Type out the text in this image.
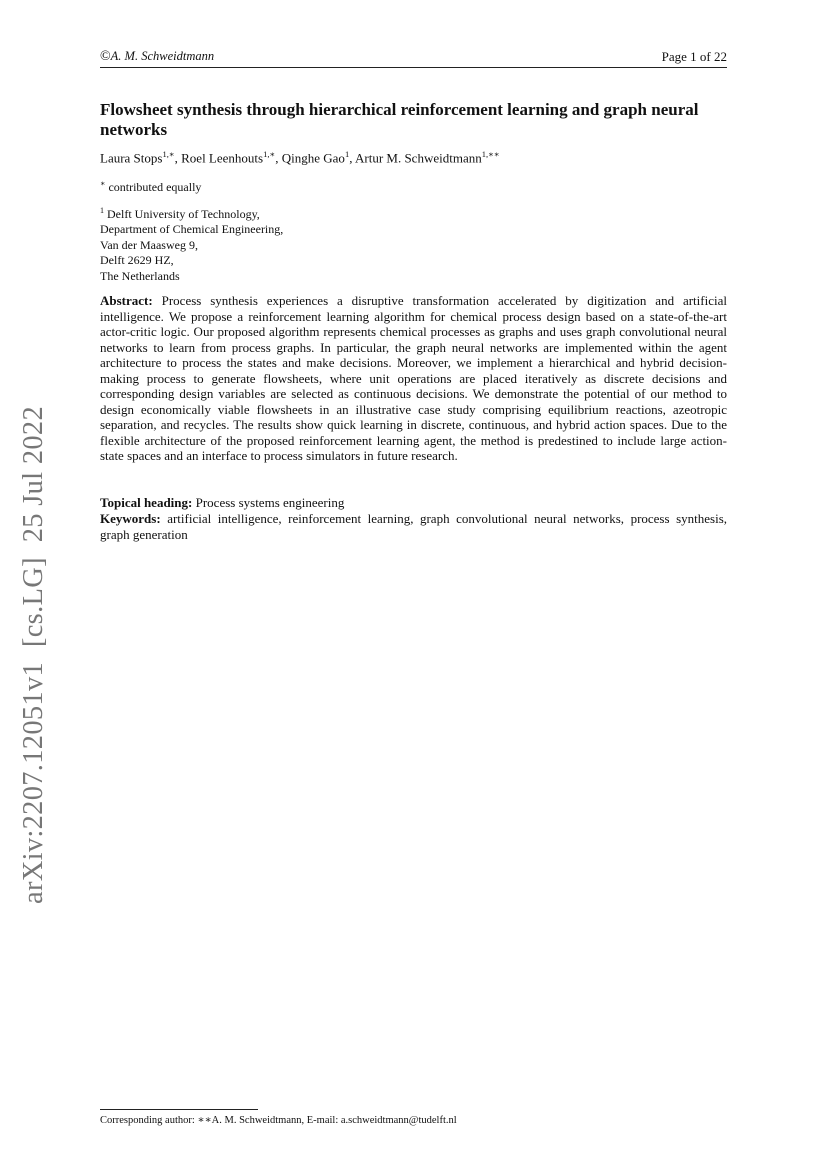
©A. M. Schweidtmann	Page 1 of 22
Flowsheet synthesis through hierarchical reinforcement learning and graph neural networks
Laura Stops$^{1,∗}$, Roel Leenhouts$^{1,∗}$, Qinghe Gao$^1$, Artur M. Schweidtmann$^{1,∗∗}$
∗ contributed equally
$^1$ Delft University of Technology,
Department of Chemical Engineering,
Van der Maasweg 9,
Delft 2629 HZ,
The Netherlands

Abstract: Process synthesis experiences a disruptive transformation accelerated by digitization and artificial intelligence. We propose a reinforcement learning algorithm for chemical process design based on a state-of-the-art actor-critic logic. Our proposed algorithm represents chemical processes as graphs and uses graph convolutional neural networks to learn from process graphs. In particular, the graph neural networks are implemented within the agent architecture to process the states and make decisions. Moreover, we implement a hierarchical and hybrid decision-making process to generate flowsheets, where unit operations are placed iteratively as discrete decisions and corresponding design variables are selected as continuous decisions. We demonstrate the potential of our method to design economically viable flowsheets in an illustrative case study comprising equilibrium reactions, azeotropic separation, and recycles. The results show quick learning in discrete, continuous, and hybrid action spaces. Due to the flexible architecture of the proposed reinforcement learning agent, the method is predestined to include large action-state spaces and an interface to process simulators in future research.

Topical heading: Process systems engineering

Keywords: artificial intelligence, reinforcement learning, graph convolutional neural networks, process synthesis, graph generation

arXiv:2207.12051v1  [cs.LG]  25 Jul 2022
Corresponding author: ∗∗A. M. Schweidtmann, E-mail: a.schweidtmann@tudelft.nl
